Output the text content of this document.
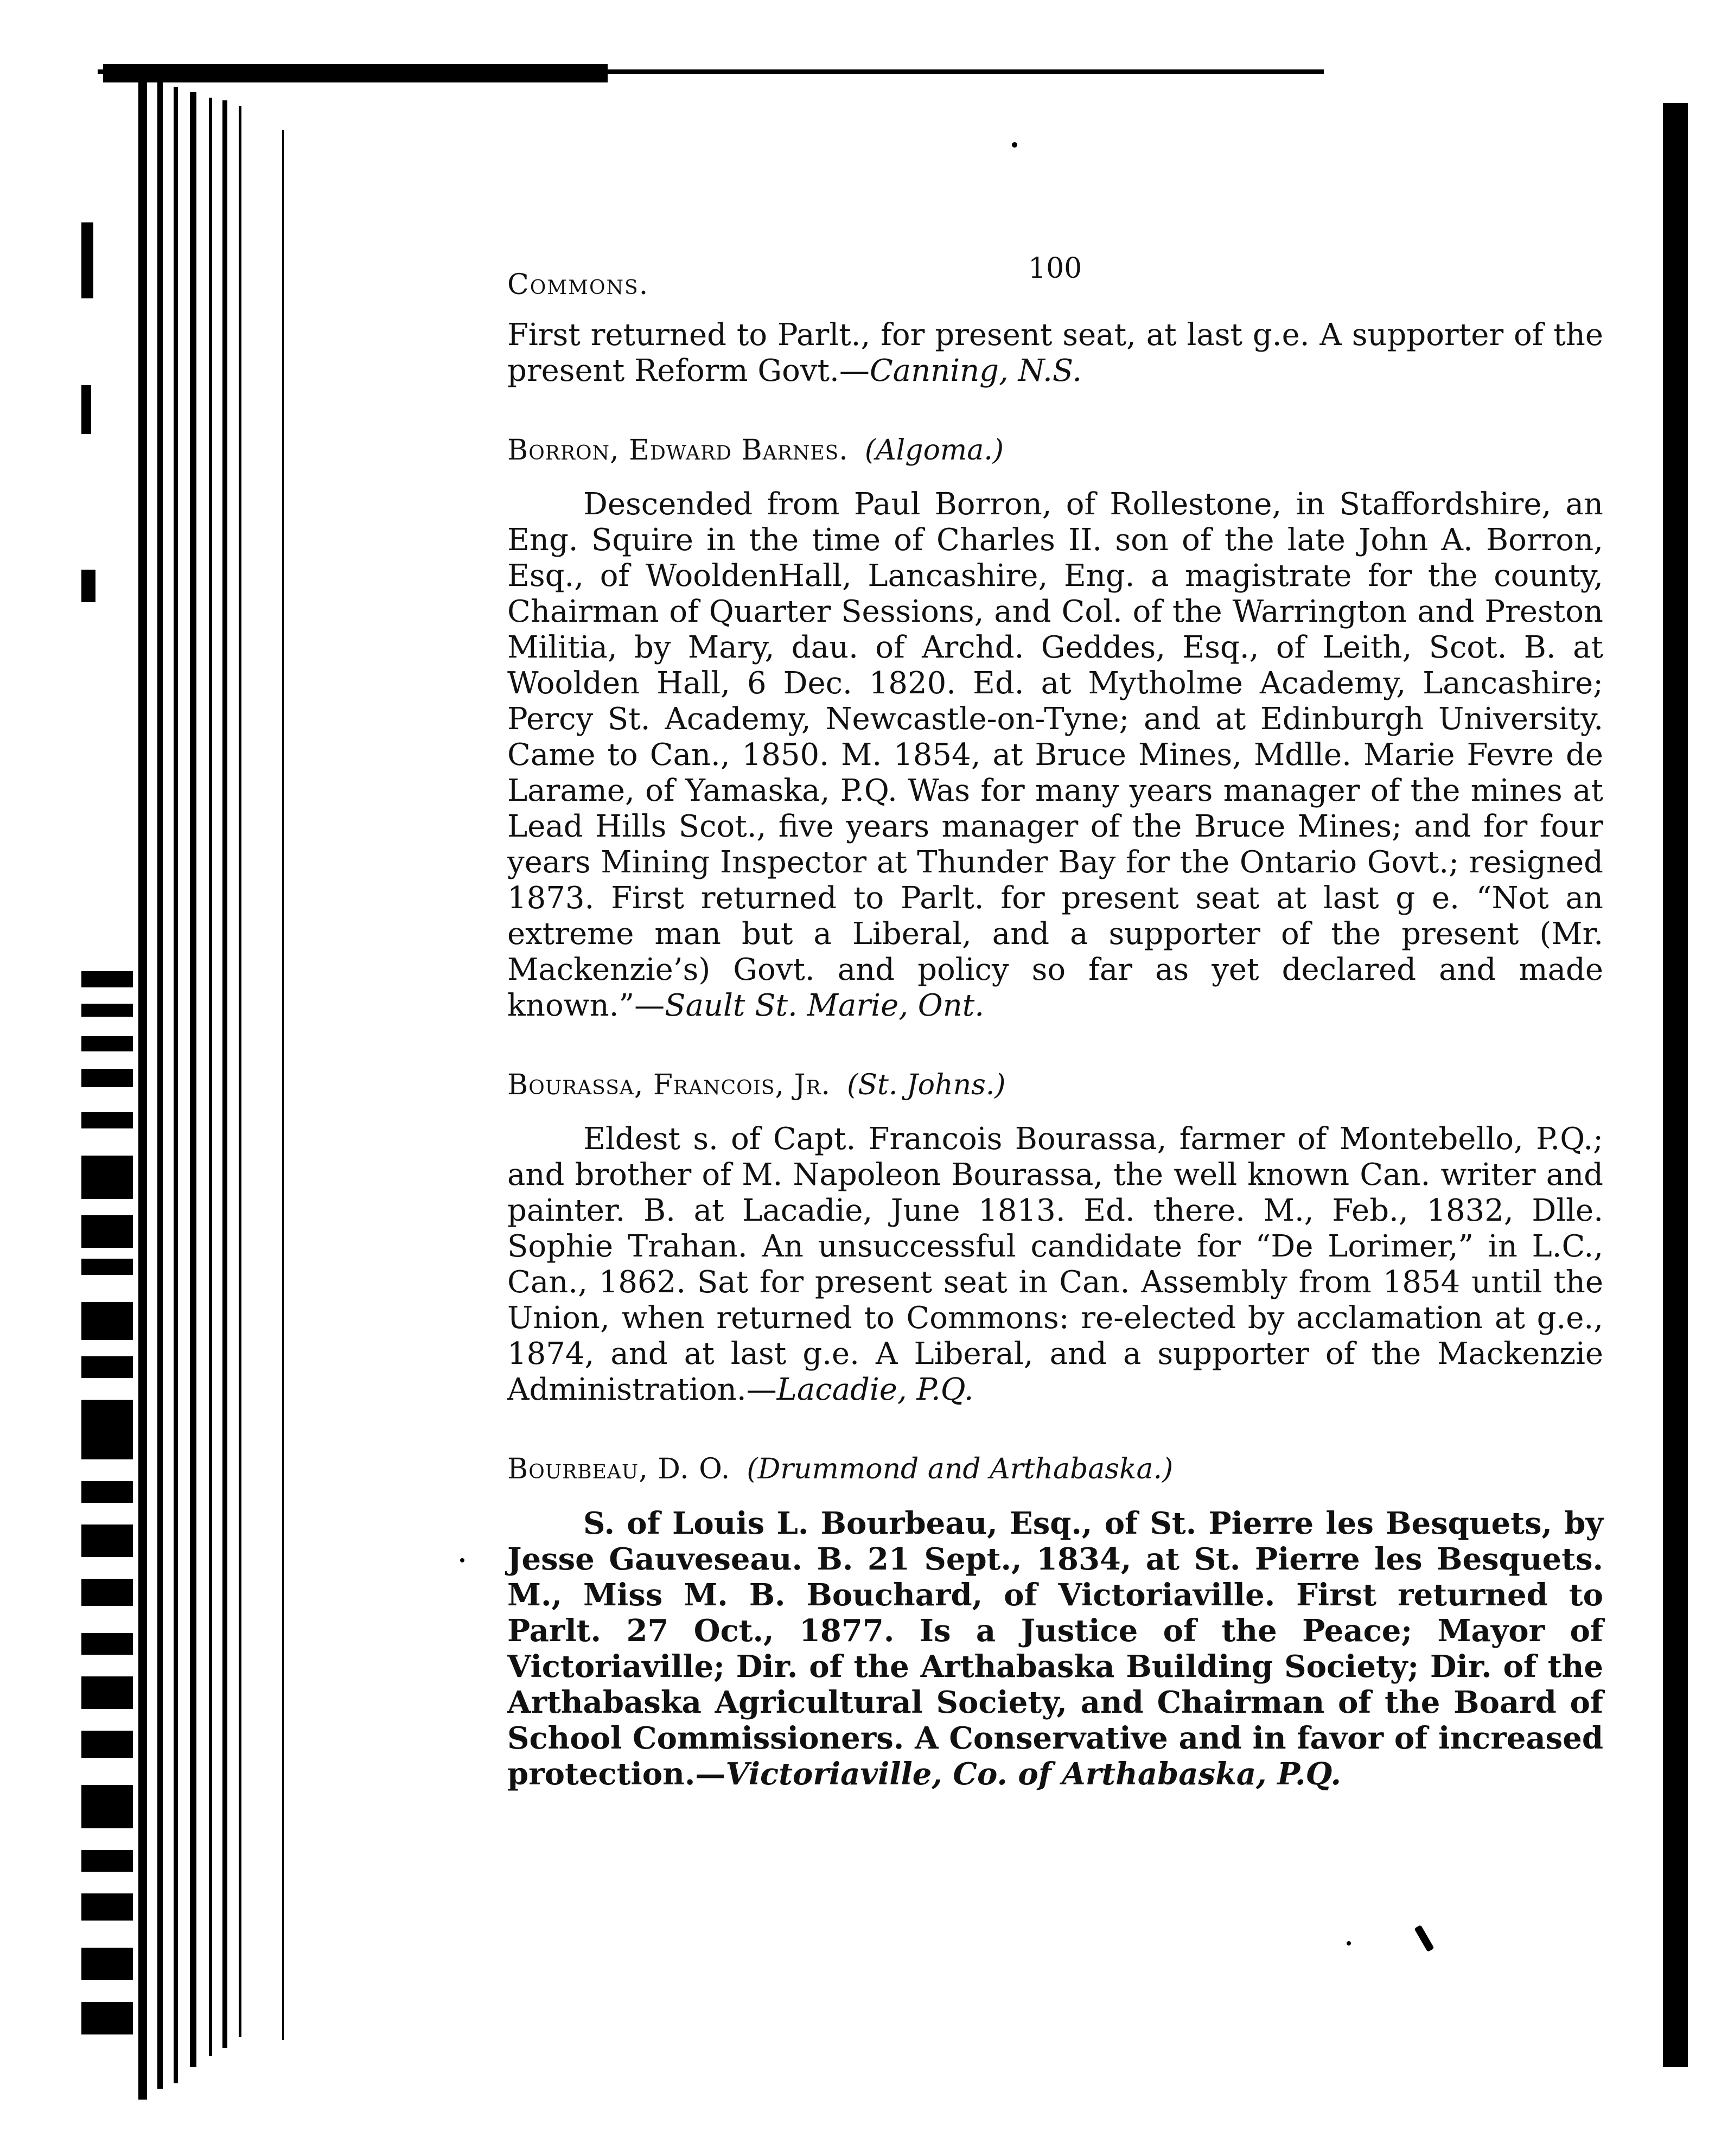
Commons.	100

First returned to Parlt., for present seat, at last g.e. A supporter of the present Reform Govt.—Canning, N.S.

Borron, Edward Barnes. (Algoma.)

Descended from Paul Borron, of Rollestone, in Staffordshire, an Eng. Squire in the time of Charles II. son of the late John A. Borron, Esq., of WooldenHall, Lancashire, Eng. a magistrate for the county, Chairman of Quarter Sessions, and Col. of the Warrington and Preston Militia, by Mary, dau. of Archd. Geddes, Esq., of Leith, Scot. B. at Woolden Hall, 6 Dec. 1820. Ed. at Mytholme Academy, Lancashire; Percy St. Academy, Newcastle-on-Tyne; and at Edinburgh University. Came to Can., 1850. M. 1854, at Bruce Mines, Mdlle. Marie Fevre de Larame, of Yamaska, P.Q. Was for many years manager of the mines at Lead Hills Scot., five years manager of the Bruce Mines; and for four years Mining Inspector at Thunder Bay for the Ontario Govt.; resigned 1873. First returned to Parlt. for present seat at last g e. “Not an extreme man but a Liberal, and a supporter of the present (Mr. Mackenzie’s) Govt. and policy so far as yet declared and made known.”—Sault St. Marie, Ont.

Bourassa, Francois, Jr. (St. Johns.)

Eldest s. of Capt. Francois Bourassa, farmer of Montebello, P.Q.; and brother of M. Napoleon Bourassa, the well known Can. writer and painter. B. at Lacadie, June 1813. Ed. there. M., Feb., 1832, Dlle. Sophie Trahan. An unsuccessful candidate for “De Lorimer,” in L.C., Can., 1862. Sat for present seat in Can. Assembly from 1854 until the Union, when returned to Commons: re-elected by acclamation at g.e., 1874, and at last g.e. A Liberal, and a supporter of the Mackenzie Administration.—Lacadie, P.Q.

Bourbeau, D. O. (Drummond and Arthabaska.)

S. of Louis L. Bourbeau, Esq., of St. Pierre les Besquets, by Jesse Gauveseau. B. 21 Sept., 1834, at St. Pierre les Besquets. M., Miss M. B. Bouchard, of Victoriaville. First returned to Parlt. 27 Oct., 1877. Is a Justice of the Peace; Mayor of Victoriaville; Dir. of the Arthabaska Building Society; Dir. of the Arthabaska Agricultural Society, and Chairman of the Board of School Commissioners. A Conservative and in favor of increased protection.—Victoriaville, Co. of Arthabaska, P.Q.
